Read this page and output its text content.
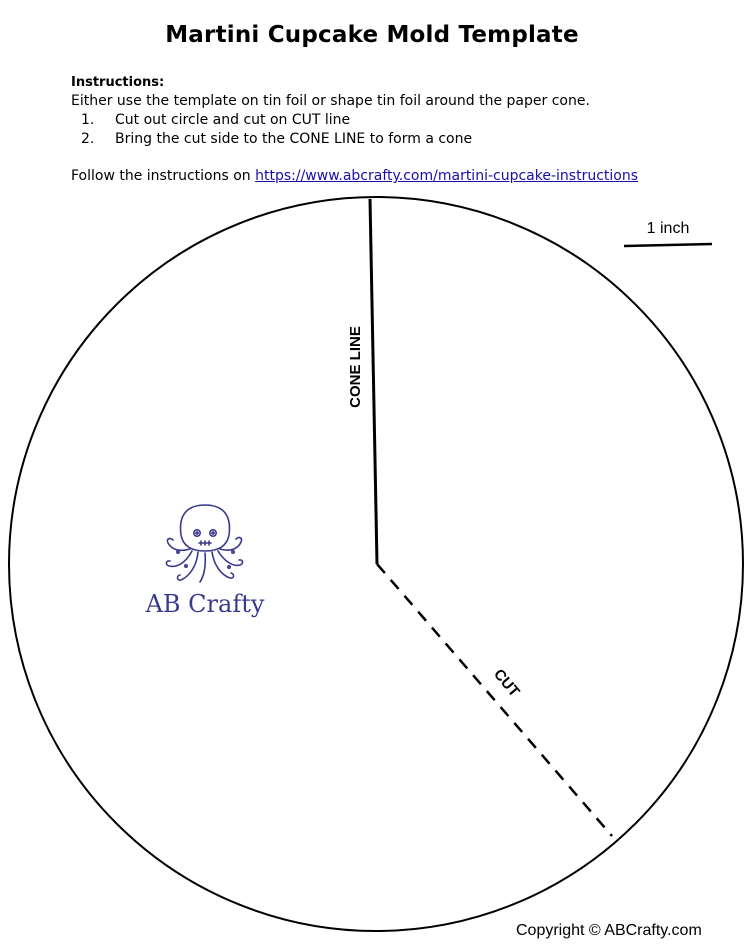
Martini Cupcake Mold Template
Instructions:
Either use the template on tin foil or shape tin foil around the paper cone.
1. Cut out circle and cut on CUT line
2. Bring the cut side to the CONE LINE to form a cone
Follow the instructions on https://www.abcrafty.com/martini-cupcake-instructions
CONE LINE
CUT
1 inch
AB Crafty
Copyright © ABCrafty.com
